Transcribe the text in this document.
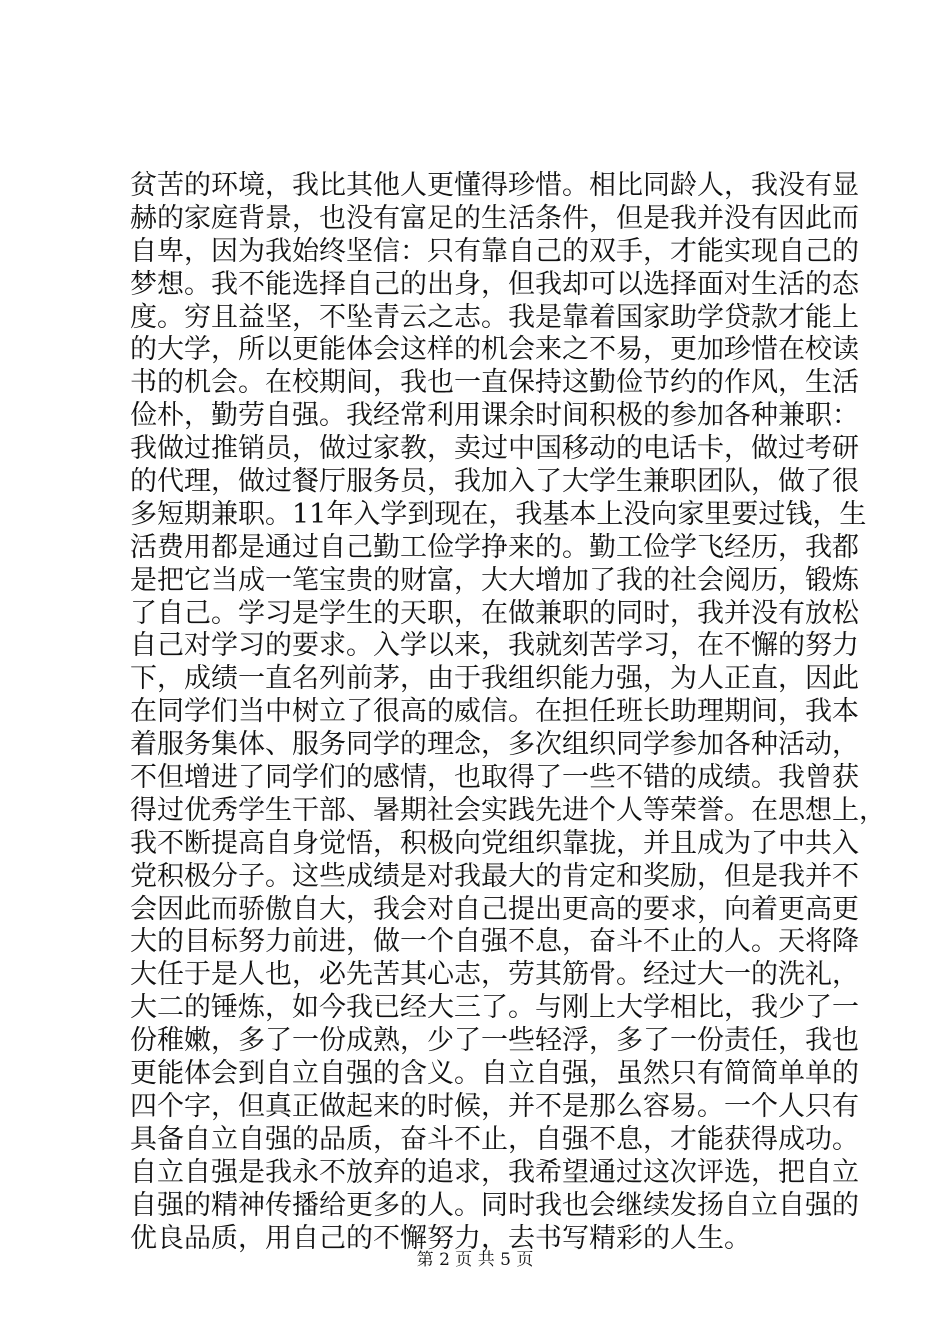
贫苦的环境，我比其他人更懂得珍惜。相比同龄人，我没有显
赫的家庭背景，也没有富足的生活条件，但是我并没有因此而
自卑，因为我始终坚信：只有靠自己的双手，才能实现自己的
梦想。我不能选择自己的出身，但我却可以选择面对生活的态
度。穷且益坚，不坠青云之志。我是靠着国家助学贷款才能上
的大学，所以更能体会这样的机会来之不易，更加珍惜在校读
书的机会。在校期间，我也一直保持这勤俭节约的作风，生活
俭朴，勤劳自强。我经常利用课余时间积极的参加各种兼职：
我做过推销员，做过家教，卖过中国移动的电话卡，做过考研
的代理，做过餐厅服务员，我加入了大学生兼职团队，做了很
多短期兼职。11年入学到现在，我基本上没向家里要过钱，生
活费用都是通过自己勤工俭学挣来的。勤工俭学飞经历，我都
是把它当成一笔宝贵的财富，大大增加了我的社会阅历，锻炼
了自己。学习是学生的天职，在做兼职的同时，我并没有放松
自己对学习的要求。入学以来，我就刻苦学习，在不懈的努力
下，成绩一直名列前茅，由于我组织能力强，为人正直，因此
在同学们当中树立了很高的威信。在担任班长助理期间，我本
着服务集体、服务同学的理念，多次组织同学参加各种活动，
不但增进了同学们的感情，也取得了一些不错的成绩。我曾获
得过优秀学生干部、暑期社会实践先进个人等荣誉。在思想上，
我不断提高自身觉悟，积极向党组织靠拢，并且成为了中共入
党积极分子。这些成绩是对我最大的肯定和奖励，但是我并不
会因此而骄傲自大，我会对自己提出更高的要求，向着更高更
大的目标努力前进，做一个自强不息，奋斗不止的人。天将降
大任于是人也，必先苦其心志，劳其筋骨。经过大一的洗礼，
大二的锤炼，如今我已经大三了。与刚上大学相比，我少了一
份稚嫩，多了一份成熟，少了一些轻浮，多了一份责任，我也
更能体会到自立自强的含义。自立自强，虽然只有简简单单的
四个字，但真正做起来的时候，并不是那么容易。一个人只有
具备自立自强的品质，奋斗不止，自强不息，才能获得成功。
自立自强是我永不放弃的追求，我希望通过这次评选，把自立
自强的精神传播给更多的人。同时我也会继续发扬自立自强的
优良品质，用自己的不懈努力，去书写精彩的人生。
第 2 页 共 5 页
